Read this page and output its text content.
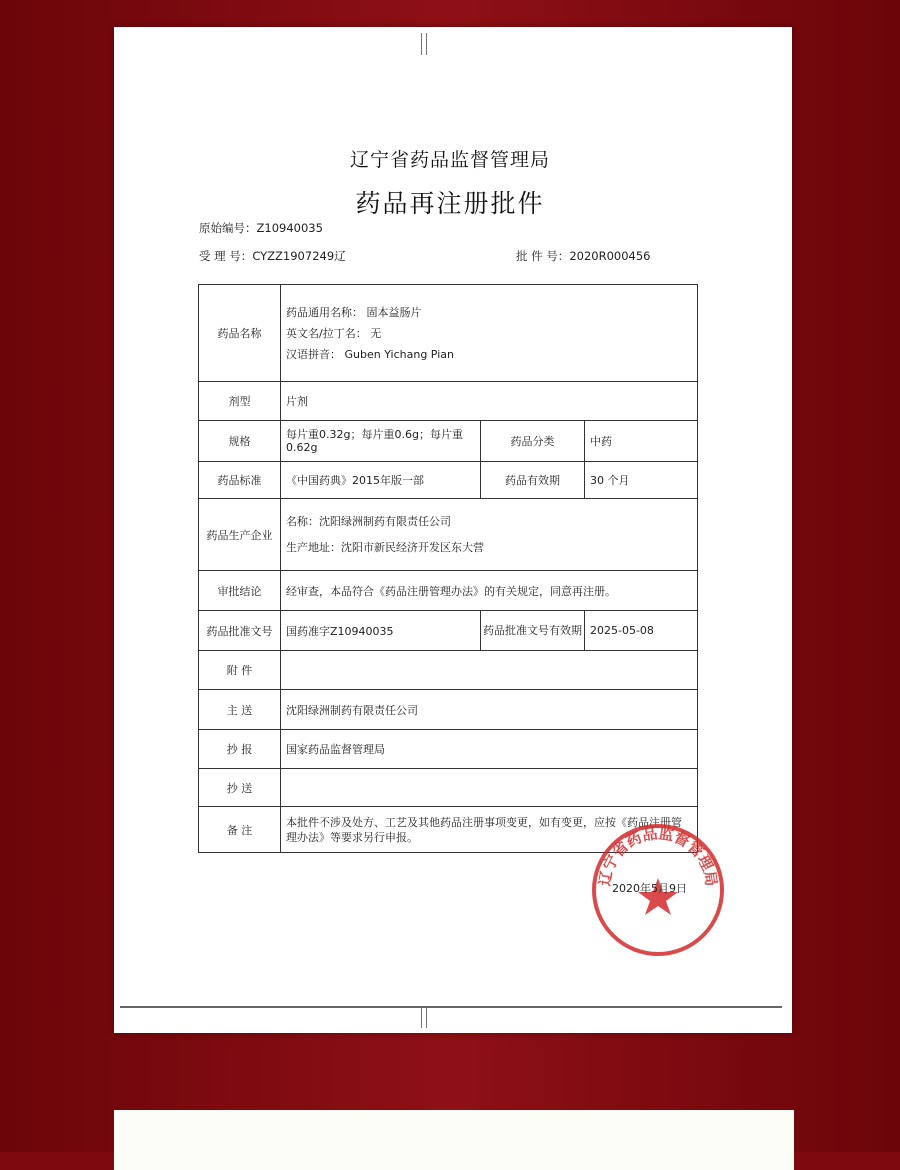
辽宁省药品监督管理局
药品再注册批件
原始编号：Z10940035
受 理 号：CYZZ1907249辽	批 件 号：2020R000456
药品名称	药品通用名称： 固本益肠片
英文名/拉丁名： 无
汉语拼音： Guben Yichang Pian		

剂型	片剂		
规格	每片重0.32g；每片重0.6g；每片重0.62g	药品分类	中药
药品标准	《中国药典》2015年版一部	药品有效期	30 个月
药品生产企业	名称：沈阳绿洲制药有限责任公司
生产地址：沈阳市新民经济开发区东大营		

审批结论	经审查，本品符合《药品注册管理办法》的有关规定，同意再注册。		
药品批准文号	国药准字Z10940035	药品批准文号有效期	2025-05-08
附 件			
主 送	沈阳绿洲制药有限责任公司		
抄 报	国家药品监督管理局		
抄 送			
备 注	本批件不涉及处方、工艺及其他药品注册事项变更，如有变更，应按《药品注册管理办法》等要求另行申报。		
辽宁省药品监督管理局
2020年5月9日
